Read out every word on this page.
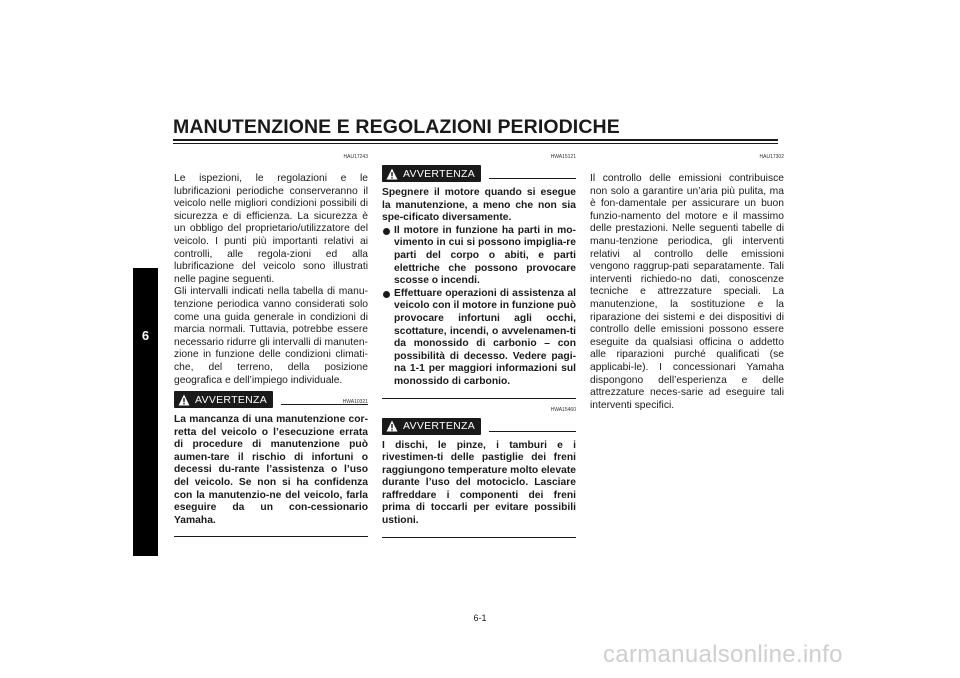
MANUTENZIONE E REGOLAZIONI PERIODICHE
6
HAU17243

Le ispezioni, le regolazioni e le lubrificazioni periodiche conserveranno il veicolo nelle migliori condizioni possibili di sicurezza e di efficienza. La sicurezza è un obbligo del proprietario/utilizzatore del veicolo. I punti più importanti relativi ai controlli, alle regola-zioni ed alla lubrificazione del veicolo sono illustrati nelle pagine seguenti.

Gli intervalli indicati nella tabella di manu-tenzione periodica vanno considerati solo come una guida generale in condizioni di marcia normali. Tuttavia, potrebbe essere necessario ridurre gli intervalli di manuten-zione in funzione delle condizioni climati-che, del terreno, della posizione geografica e dell’impiego individuale.

AVVERTENZA	HWA10321

La mancanza di una manutenzione cor-retta del veicolo o l’esecuzione errata di procedure di manutenzione può aumen-tare il rischio di infortuni o decessi du-rante l’assistenza o l’uso del veicolo. Se non si ha confidenza con la manutenzio-ne del veicolo, farla eseguire da un con-cessionario Yamaha.

HWA15121
AVVERTENZA

Spegnere il motore quando si esegue la manutenzione, a meno che non sia spe-cificato diversamente.

Il motore in funzione ha parti in mo-vimento in cui si possono impiglia-re parti del corpo o abiti, e parti elettriche che possono provocare scosse o incendi.
Effettuare operazioni di assistenza al veicolo con il motore in funzione può provocare infortuni agli occhi, scottature, incendi, o avvelenamen-ti da monossido di carbonio – con possibilità di decesso. Vedere pagi-na 1-1 per maggiori informazioni sul monossido di carbonio.
HWA15460
AVVERTENZA

I dischi, le pinze, i tamburi e i rivestimen-ti delle pastiglie dei freni raggiungono temperature molto elevate durante l’uso del motociclo. Lasciare raffreddare i componenti dei freni prima di toccarli per evitare possibili ustioni.

HAU17302

Il controllo delle emissioni contribuisce non solo a garantire un’aria più pulita, ma è fon-damentale per assicurare un buon funzio-namento del motore e il massimo delle prestazioni. Nelle seguenti tabelle di manu-tenzione periodica, gli interventi relativi al controllo delle emissioni vengono raggrup-pati separatamente. Tali interventi richiedo-no dati, conoscenze tecniche e attrezzature speciali. La manutenzione, la sostituzione e la riparazione dei sistemi e dei dispositivi di controllo delle emissioni possono essere eseguite da qualsiasi officina o addetto alle riparazioni purché qualificati (se applicabi-le). I concessionari Yamaha dispongono dell’esperienza e delle attrezzature neces-sarie ad eseguire tali interventi specifici.

6-1
carmanualsonline.info
